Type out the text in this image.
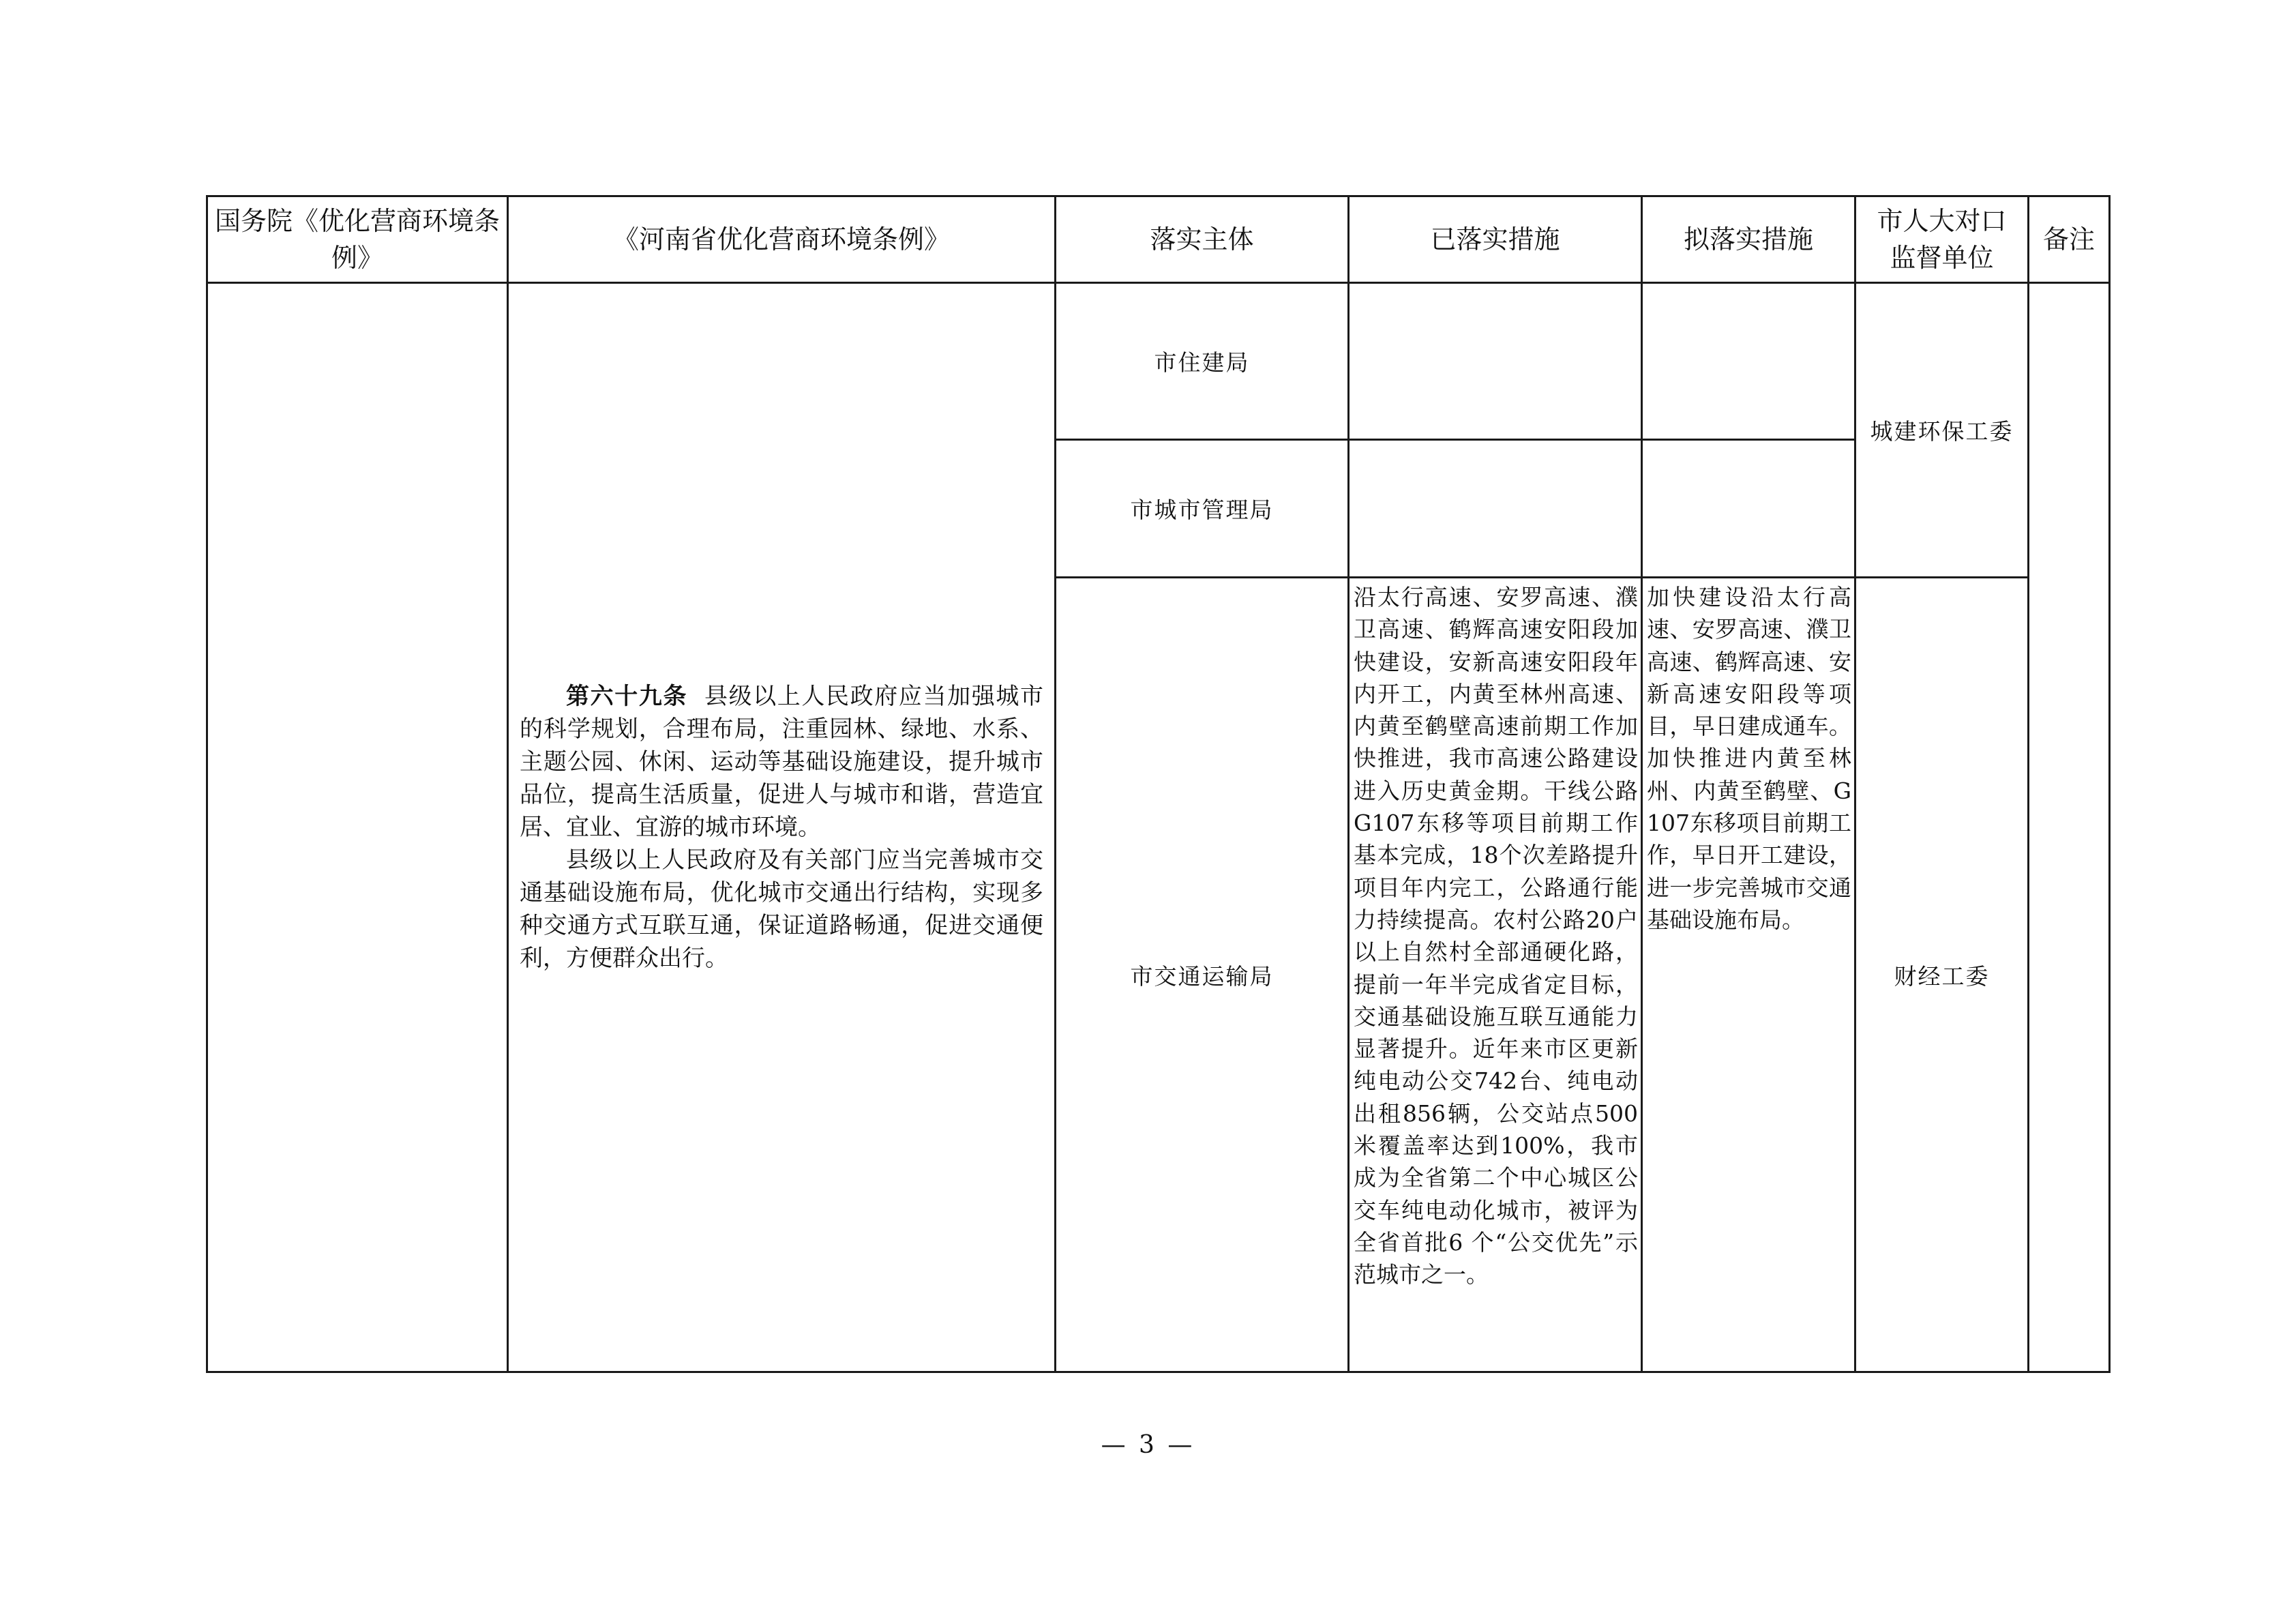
国务院《优化营商环境条例》	《河南省优化营商环境条例》	落实主体	已落实措施	拟落实措施	市人大对口监督单位	备注

	第六十九条 县级以上人民政府应当加强城市的科学规划，合理布局，注重园林、绿地、水系、主题公园、休闲、运动等基础设施建设，提升城市品位，提高生活质量，促进人与城市和谐，营造宜居、宜业、宜游的城市环境。

县级以上人民政府及有关部门应当完善城市交通基础设施布局，优化城市交通出行结构，实现多种交通方式互联互通，保证道路畅通，促进交通便利，方便群众出行。	市住建局			城建环保工委	
		市城市管理局				
		市交通运输局	沿太行高速、安罗高速、濮卫高速、鹤辉高速安阳段加快建设，安新高速安阳段年内开工，内黄至林州高速、内黄至鹤壁高速前期工作加快推进，我市高速公路建设进入历史黄金期。干线公路G107东移等项目前期工作基本完成，18个次差路提升项目年内完工，公路通行能力持续提高。农村公路20户以上自然村全部通硬化路，提前一年半完成省定目标，交通基础设施互联互通能力显著提升。近年来市区更新纯电动公交742台、纯电动出租856辆，公交站点500米覆盖率达到100%，我市成为全省第二个中心城区公交车纯电动化城市，被评为全省首批6 个“公交优先”示范城市之一。	加快建设沿太行高速、安罗高速、濮卫高速、鹤辉高速、安新高速安阳段等项目，早日建成通车。加快推进内黄至林州、内黄至鹤壁、G107东移项目前期工作，早日开工建设，进一步完善城市交通基础设施布局。	财经工委	
— 3 —
